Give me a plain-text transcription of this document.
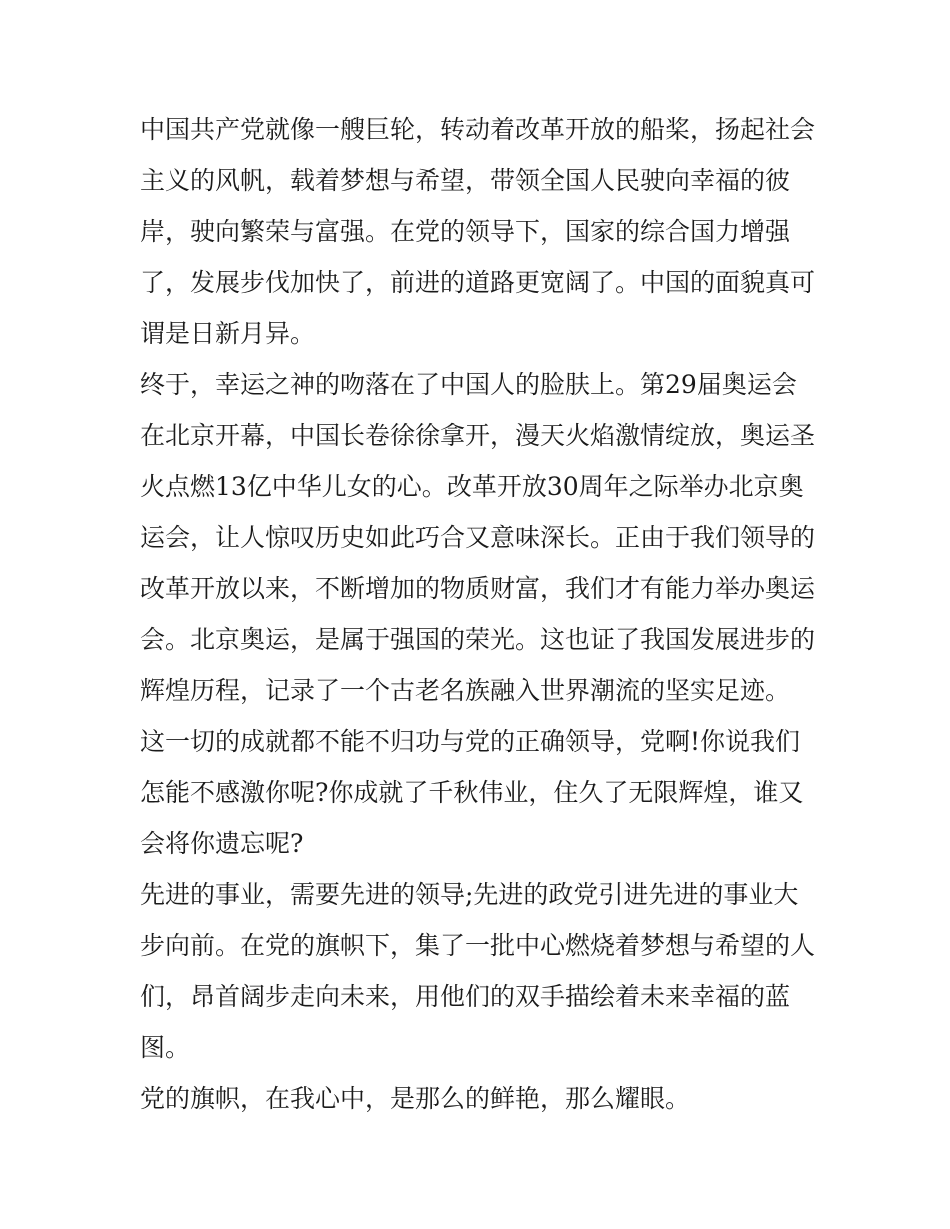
中国共产党就像一艘巨轮，转动着改革开放的船桨，扬起社会
主义的风帆，载着梦想与希望，带领全国人民驶向幸福的彼
岸，驶向繁荣与富强。在党的领导下，国家的综合国力增强
了，发展步伐加快了，前进的道路更宽阔了。中国的面貌真可
谓是日新月异。
终于，幸运之神的吻落在了中国人的脸肤上。第29届奥运会
在北京开幕，中国长卷徐徐拿开，漫天火焰激情绽放，奥运圣
火点燃13亿中华儿女的心。改革开放30周年之际举办北京奥
运会，让人惊叹历史如此巧合又意味深长。正由于我们领导的
改革开放以来，不断增加的物质财富，我们才有能力举办奥运
会。北京奥运，是属于强国的荣光。这也证了我国发展进步的
辉煌历程，记录了一个古老名族融入世界潮流的坚实足迹。
这一切的成就都不能不归功与党的正确领导，党啊!你说我们
怎能不感激你呢?你成就了千秋伟业，住久了无限辉煌，谁又
会将你遗忘呢?
先进的事业，需要先进的领导;先进的政党引进先进的事业大
步向前。在党的旗帜下，集了一批中心燃烧着梦想与希望的人
们，昂首阔步走向未来，用他们的双手描绘着未来幸福的蓝
图。
党的旗帜，在我心中，是那么的鲜艳，那么耀眼。
